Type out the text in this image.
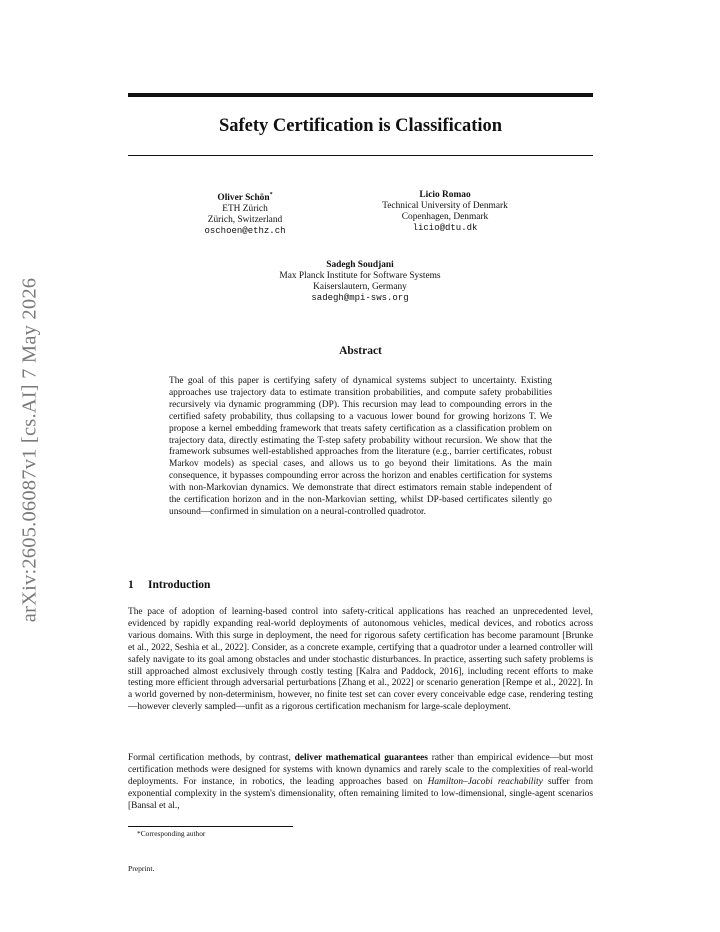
Safety Certification is Classification
Oliver Schön*
ETH Zürich
Zürich, Switzerland
oschoen@ethz.ch
Licio Romao
Technical University of Denmark
Copenhagen, Denmark
licio@dtu.dk
Sadegh Soudjani
Max Planck Institute for Software Systems
Kaiserslautern, Germany
sadegh@mpi-sws.org
arXiv:2605.06087v1 [cs.AI] 7 May 2026	Abstract
The goal of this paper is certifying safety of dynamical systems subject to uncertainty. Existing approaches use trajectory data to estimate transition probabilities, and compute safety probabilities recursively via dynamic programming (DP). This recursion may lead to compounding errors in the certified safety probability, thus collapsing to a vacuous lower bound for growing horizons T. We propose a kernel embedding framework that treats safety certification as a classification problem on trajectory data, directly estimating the T-step safety probability without recursion. We show that the framework subsumes well-established approaches from the literature (e.g., barrier certificates, robust Markov models) as special cases, and allows us to go beyond their limitations. As the main consequence, it bypasses compounding error across the horizon and enables certification for systems with non-Markovian dynamics. We demonstrate that direct estimators remain stable independent of the certification horizon and in the non-Markovian setting, whilst DP-based certificates silently go unsound—confirmed in simulation on a neural-controlled quadrotor.
1 Introduction
The pace of adoption of learning-based control into safety-critical applications has reached an unprecedented level, evidenced by rapidly expanding real-world deployments of autonomous vehicles, medical devices, and robotics across various domains. With this surge in deployment, the need for rigorous safety certification has become paramount [Brunke et al., 2022, Seshia et al., 2022]. Consider, as a concrete example, certifying that a quadrotor under a learned controller will safely navigate to its goal among obstacles and under stochastic disturbances. In practice, asserting such safety problems is still approached almost exclusively through costly testing [Kalra and Paddock, 2016], including recent efforts to make testing more efficient through adversarial perturbations [Zhang et al., 2022] or scenario generation [Rempe et al., 2022]. In a world governed by non-determinism, however, no finite test set can cover every conceivable edge case, rendering testing—however cleverly sampled—unfit as a rigorous certification mechanism for large-scale deployment.
Formal certification methods, by contrast, deliver mathematical guarantees rather than empirical evidence—but most certification methods were designed for systems with known dynamics and rarely scale to the complexities of real-world deployments. For instance, in robotics, the leading approaches based on Hamilton–Jacobi reachability suffer from exponential complexity in the system's dimensionality, often remaining limited to low-dimensional, single-agent scenarios [Bansal et al.,
*Corresponding author
Preprint.
